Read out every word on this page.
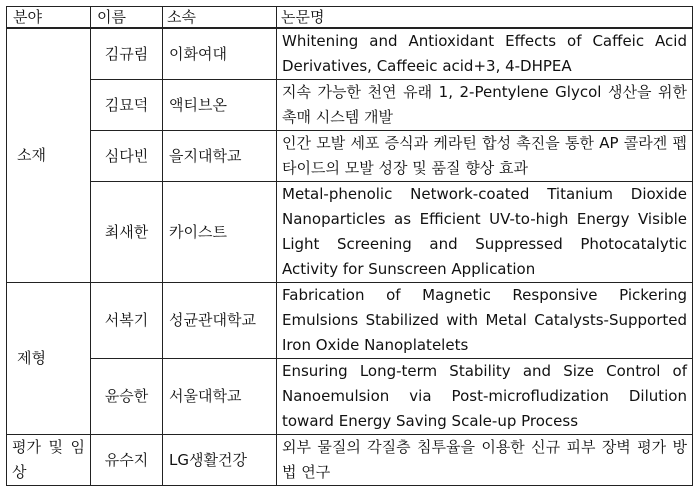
분야	이름	소속	논문명
소재	김규림	이화여대	Whitening and Antioxidant Effects of Caffeic Acid Derivatives, Caffeeic acid+3, 4-DHPEA
	김묘덕	액티브온	지속 가능한 천연 유래 1, 2-Pentylene Glycol 생산을 위한 촉매 시스템 개발
	심다빈	을지대학교	인간 모발 세포 증식과 케라틴 합성 촉진을 통한 AP 콜라겐 펩타이드의 모발 성장 및 품질 향상 효과
	최새한	카이스트	Metal-phenolic Network-coated Titanium Dioxide Nanoparticles as Efficient UV-to-high Energy Visible Light Screening and Suppressed Photocatalytic Activity for Sunscreen Application
제형	서복기	성균관대학교	Fabrication of Magnetic Responsive Pickering Emulsions Stabilized with Metal Catalysts-Supported Iron Oxide Nanoplatelets
	윤승한	서울대학교	Ensuring Long-term Stability and Size Control of Nanoemulsion via Post-microfludization Dilution toward Energy Saving Scale-up Process
평가 및 임상	유수지	LG생활건강	외부 물질의 각질층 침투율을 이용한 신규 피부 장벽 평가 방법 연구
